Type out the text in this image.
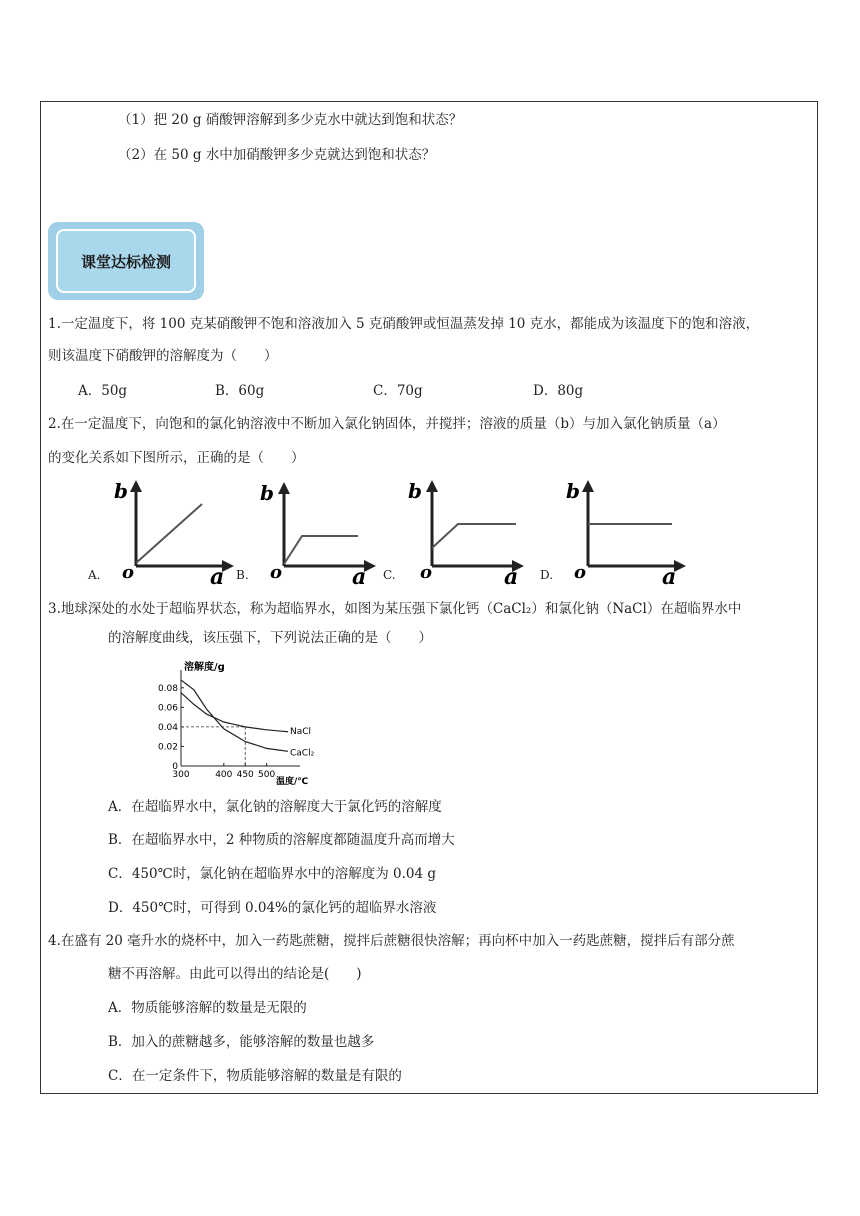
（1）把 20 g 硝酸钾溶解到多少克水中就达到饱和状态？
（2）在 50 g 水中加硝酸钾多少克就达到饱和状态？
课堂达标检测
1.一定温度下，将 100 克某硝酸钾不饱和溶液加入 5 克硝酸钾或恒温蒸发掉 10 克水，都能成为该温度下的饱和溶液，
则该温度下硝酸钾的溶解度为（　　）
A．50g	B．60g	C．70g	D．80g
2.在一定温度下，向饱和的氯化钠溶液中不断加入氯化钠固体，并搅拌；溶液的质量（b）与加入氯化钠质量（a）
的变化关系如下图所示，正确的是（　　）
A.
b
o	a B.
b
o	a C.
b
o	a D.
b
o	a
3.地球深处的水处于超临界状态，称为超临界水，如图为某压强下氯化钙（CaCl₂）和氯化钠（NaCl）在超临界水中
的溶解度曲线，该压强下，下列说法正确的是（　　）
溶解度/g
温度/℃
0
0.02
0.04
0.06
0.08
300	400 450 500
NaCl
CaCl₂
A．在超临界水中，氯化钠的溶解度大于氯化钙的溶解度
B．在超临界水中，2 种物质的溶解度都随温度升高而增大
C．450℃时，氯化钠在超临界水中的溶解度为 0.04 g
D．450℃时，可得到 0.04%的氯化钙的超临界水溶液
4.在盛有 20 毫升水的烧杯中，加入一药匙蔗糖，搅拌后蔗糖很快溶解；再向杯中加入一药匙蔗糖，搅拌后有部分蔗
糖不再溶解。由此可以得出的结论是(　　)
A．物质能够溶解的数量是无限的
B．加入的蔗糖越多，能够溶解的数量也越多
C．在一定条件下，物质能够溶解的数量是有限的
